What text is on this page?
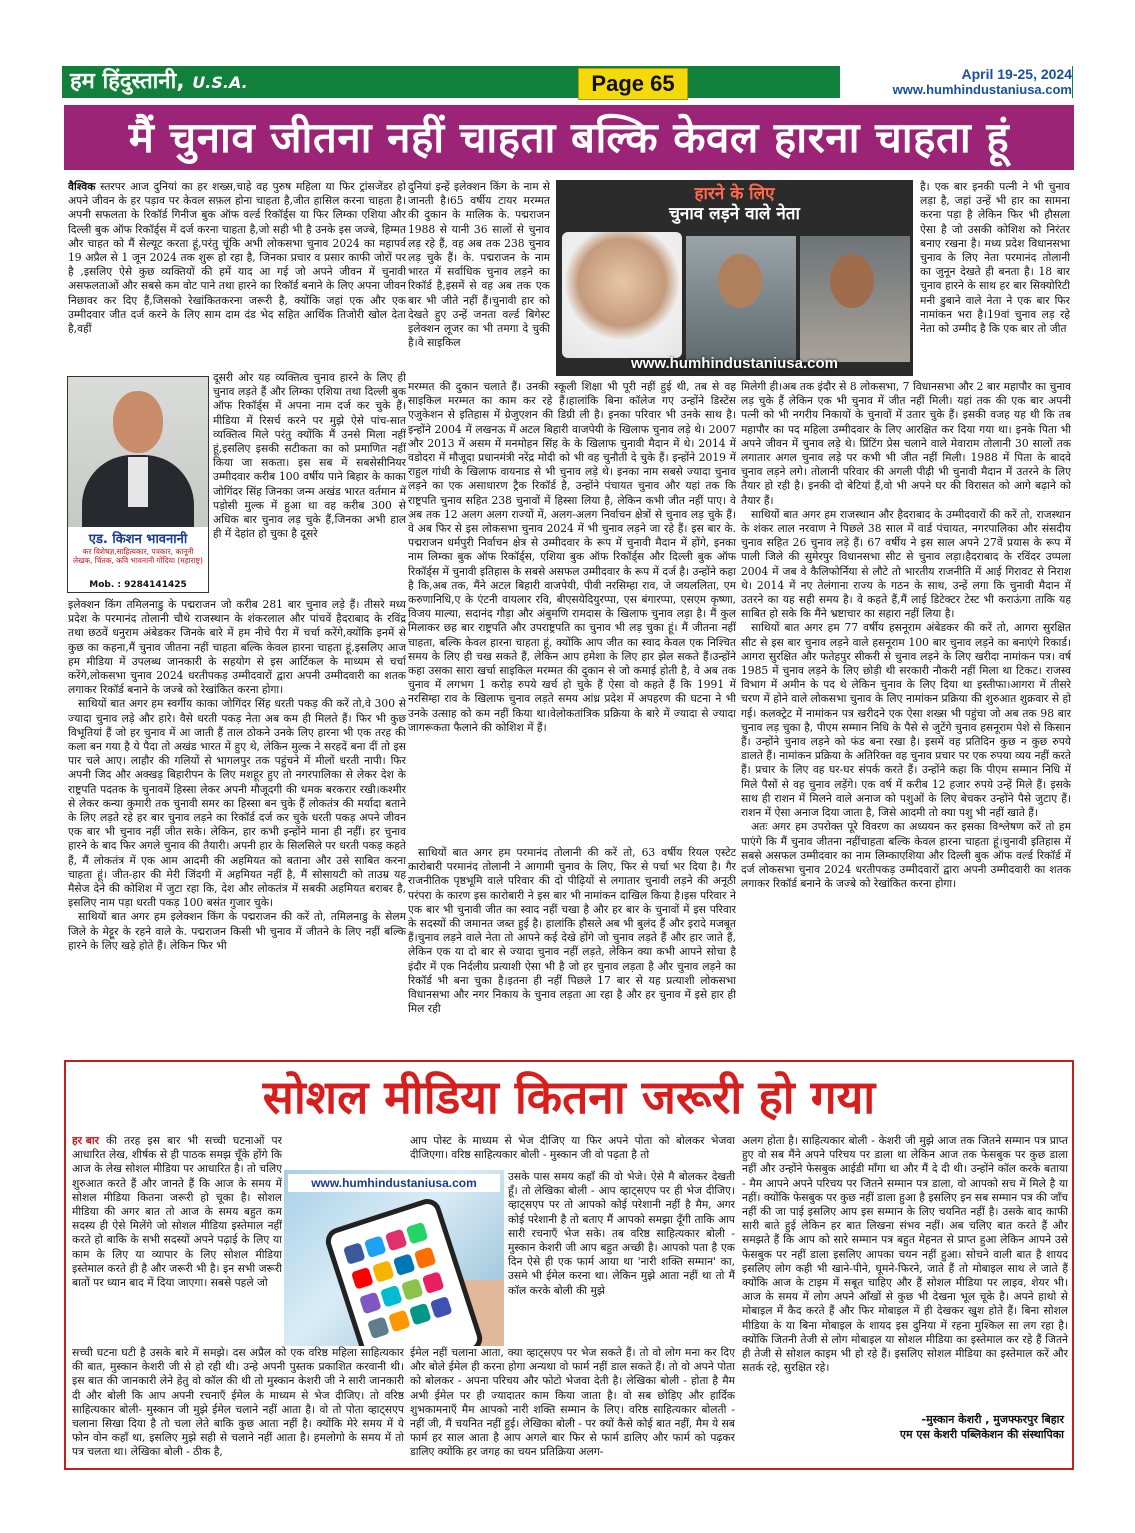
हम हिंदुस्तानी, U.S.A.	Page 65	April 19-25, 2024
www.humhindustaniusa.com
मैं चुनाव जीतना नहीं चाहता बल्कि केवल हारना चाहता हूं

वैश्विक स्तरपर आज दुनियां का हर शख्स,चाहे वह पुरुष महिला या फिर ट्रांसजेंडर हो अपने जीवन के हर पड़ाव पर केवल सफ़ल होना चाहता है,जीत हासिल करना चाहता है।अपनी सफलता के रिकॉर्ड गिनीज बुक ऑफ वर्ल्ड रिकॉर्ड्स या फिर लिम्का एशिया और दिल्ली बुक ऑफ रिकॉर्ड्स में दर्ज करना चाहता है,जो सही भी है उनके इस जज्बे, हिम्मत और चाहत को मैं सेल्यूट करता हूं,परंतु चूंकि अभी लोकसभा चुनाव 2024 का महापर्व 19 अप्रैल से 1 जून 2024 तक शुरू हो रहा है, जिनका प्रचार व प्रसार काफी जोरों पर है ,इसलिए ऐसे कुछ व्यक्तियों की हमें याद आ गई जो अपने जीवन में चुनावी असफलताओं और सबसे कम वोट पाने तथा हारने का रिकॉर्ड बनाने के लिए अपना जीवन निछावर कर दिए हैं,जिसको रेखांकितकरना जरूरी है, क्योंकि जहां एक और एक उम्मीदवार जीत दर्ज करने के लिए साम दाम दंड भेद सहित आर्थिक तिजोरी खोल देता है,वहीं

एड. किशन भावनानी
कर विशेषज्ञ,साहित्यकार, पत्रकार, कानूनी लेखक, चिंतक, कवि भावनानी गोंदिया (महाराष्ट्र)
Mob. : 9284141425

दूसरी ओर यह व्यक्तित्व चुनाव हारने के लिए ही चुनाव लड़ते हैं और लिम्का एशिया तथा दिल्ली बुक ऑफ रिकॉर्ड्स में अपना नाम दर्ज कर चुके हैं। मीडिया में रिसर्च करने पर मुझे ऐसे पांच-सात व्यक्तित्व मिले परंतु क्योंकि मैं उनसे मिला नहीं हूं,इसलिए इसकी सटीकता का को प्रमाणित नहीं किया जा सकता। इस सब में सबसेसीनियर उम्मीदवार करीब 100 वर्षीय पाने बिहार के काका जोगिंदर सिंह जिनका जन्म अखंड भारत वर्तमान में पड़ोसी मुल्क में हुआ था वह करीब 300 से अधिक बार चुनाव लड़ चुके हैं,जिनका अभी हाल ही में देहांत हो चुका है दूसरे

इलेक्शन किंग तमिलनाडु के पद्मराजन जो करीब 281 बार चुनाव लड़े हैं। तीसरे मध्य प्रदेश के परमानंद तोलानी चौथे राजस्थान के शंकरलाल और पांचवें हैदराबाद के रविंद्र तथा छठवें धनुराम अंबेडकर जिनके बारे में हम नीचे पैरा में चर्चा करेंगे,क्योंकि इनमें से कुछ का कहना,मैं चुनाव जीतना नहीं चाहता बल्कि केवल हारना चाहता हूं,इसलिए आज हम मीडिया में उपलब्ध जानकारी के सहयोग से इस आर्टिकल के माध्यम से चर्चा करेंगे,लोकसभा चुनाव 2024 धरतीपकड़ उम्मीदवारों द्वारा अपनी उम्मीदवारी का शतक लगाकर रिकॉर्ड बनाने के जज्बे को रेखांकित करना होगा।

साथियों बात अगर हम स्वर्गीय काका जोगिंदर सिंह धरती पकड़ की करें तो,वे 300 से ज्यादा चुनाव लड़े और हारे। वैसे धरती पकड़ नेता अब कम ही मिलते हैं। फिर भी कुछ विभूतियां हैं जो हर चुनाव में आ जाती हैं ताल ठोकने उनके लिए हारना भी एक तरह की कला बन गया है ये पैदा तो अखंड भारत में हुए थे, लेकिन मुल्क ने सरहदें बना दीं तो इस पार चले आए। लाहौर की गलियों से भागलपुर तक पहुंचने में मीलों धरती नापी। फिर अपनी जिद और अक्खड़ बिहारीपन के लिए मशहूर हुए तो नगरपालिका से लेकर देश के राष्ट्रपति पदतक के चुनावमें हिस्सा लेकर अपनी मौजूदगी की धमक बरकरार रखी।कश्मीर से लेकर कन्या कुमारी तक चुनावी समर का हिस्सा बन चुके हैं लोकतंत्र की मर्यादा बताने के लिए लड़ते रहे हर बार चुनाव लड़ने का रिकॉर्ड दर्ज कर चुके धरती पकड़ अपने जीवन एक बार भी चुनाव नहीं जीत सके। लेकिन, हार कभी इन्होंने माना ही नहीं। हर चुनाव हारने के बाद फिर अगले चुनाव की तैयारी। अपनी हार के सिलसिले पर धरती पकड़ कहते हैं, मैं लोकतंत्र में एक आम आदमी की अहमियत को बताना और उसे साबित करना चाहता हूं। जीत-हार की मेरी जिंदगी में अहमियत नहीं है, मैं सोसायटी को ताउम्र यह मैसेज देने की कोशिश में जुटा रहा कि, देश और लोकतंत्र में सबकी अहमियत बराबर है, इसलिए नाम पड़ा धरती पकड़ 100 बसंत गुजार चुके।

साथियों बात अगर हम इलेक्शन किंग के पद्मराजन की करें तो, तमिलनाडु के सेलम जिले के मेट्टूर के रहने वाले के. पद्मराजन किसी भी चुनाव में जीतने के लिए नहीं बल्कि हारने के लिए खड़े होते हैं। लेकिन फिर भी

दुनियां इन्हें इलेक्शन किंग के नाम से जानती है।65 वर्षीय टायर मरम्मत की दुकान के मालिक के. पद्मराजन 1988 से यानी 36 सालों से चुनाव लड़ रहे हैं, वह अब तक 238 चुनाव लड़ चुके हैं। के. पद्मराजन के नाम भारत में सर्वाधिक चुनाव लड़ने का रिकॉर्ड है,इसमें से वह अब तक एक बार भी जीते नहीं हैं।चुनावी हार को देखते हुए उन्हें जनता वर्ल्ड बिगेस्ट इलेक्शन लूजर का भी तमगा दे चुकी है।वे साइकिल

हारने के लिए
चुनाव लड़ने वाले नेता
www.humhindustaniusa.com

मरम्मत की दुकान चलाते हैं। उनकी स्कूली शिक्षा भी पूरी नहीं हुई थी, तब से वह साइकिल मरम्मत का काम कर रहे हैं।हालांकि बिना कॉलेज गए उन्होंने डिस्टेंस एजुकेशन से इतिहास में ग्रेजुएशन की डिग्री ली है। इनका परिवार भी उनके साथ है। इन्होंने 2004 में लखनऊ में अटल बिहारी वाजपेयी के खिलाफ चुनाव लड़े थे। 2007 और 2013 में असम में मनमोहन सिंह के के खिलाफ चुनावी मैदान में थे। 2014 में वडोदरा में मौजूदा प्रधानमंत्री नरेंद्र मोदी को भी वह चुनौती दे चुके हैं। इन्होंने 2019 में राहुल गांधी के खिलाफ वायनाड से भी चुनाव लड़े थे। इनका नाम सबसे ज्यादा चुनाव लड़ने का एक असाधारण ट्रैक रिकॉर्ड है, उन्होंने पंचायत चुनाव और यहां तक कि राष्ट्रपति चुनाव सहित 238 चुनावों में हिस्सा लिया है, लेकिन कभी जीत नहीं पाए। वे अब तक 12 अलग अलग राज्यों में, अलग-अलग निर्वाचन क्षेत्रों से चुनाव लड़ चुके हैं। वे अब फिर से इस लोकसभा चुनाव 2024 में भी चुनाव लड़ने जा रहे हैं। इस बार के. पद्मराजन धर्मपुरी निर्वाचन क्षेत्र से उम्मीदवार के रूप में चुनावी मैदान में होंगे, इनका नाम लिम्का बुक ऑफ रिकॉर्ड्स, एशिया बुक ऑफ रिकॉर्ड्स और दिल्ली बुक ऑफ रिकॉर्ड्स में चुनावी इतिहास के सबसे असफल उम्मीदवार के रूप में दर्ज है। उन्होंने कहा है कि,अब तक, मैंने अटल बिहारी वाजपेयी, पीवी नरसिम्हा राव, जे जयललिता, एम करुणानिधि,ए के एंटनी वायलार रवि, बीएसयेदियुरप्पा, एस बंगारप्पा, एसएम कृष्णा, विजय माल्या, सदानंद गौड़ा और अंबुमणि रामदास के खिलाफ चुनाव लड़ा है। मैं कुल मिलाकर छह बार राष्ट्रपति और उपराष्ट्रपति का चुनाव भी लड़ चुका हूं। मैं जीतना नहीं चाहता, बल्कि केवल हारना चाहता हूं, क्योंकि आप जीत का स्वाद केवल एक निश्चित समय के लिए ही चख सकते हैं, लेकिन आप हमेशा के लिए हार झेल सकते हैं।उन्होंने कहा उसका सारा खर्चा साइकिल मरम्मत की दुकान से जो कमाई होती है, वे अब तक चुनाव में लगभग 1 करोड़ रुपये खर्च हो चुके हैं ऐसा वो कहते हैं कि 1991 में नरसिम्हा राव के खिलाफ चुनाव लड़ते समय आंध्र प्रदेश में अपहरण की घटना ने भी उनके उत्साह को कम नहीं किया था।वेलोकतांत्रिक प्रक्रिया के बारे में ज्यादा से ज्यादा जागरूकता फैलाने की कोशिश में हैं।

साथियों बात अगर हम परमानंद तोलानी की करें तो, 63 वर्षीय रियल एस्टेट कारोबारी परमानंद तोलानी ने आगामी चुनाव के लिए, फिर से पर्चा भर दिया है। गैर राजनीतिक पृष्ठभूमि वाले परिवार की दो पीढ़ियों से लगातार चुनावी लड़ने की अनूठी परंपरा के कारण इस कारोबारी ने इस बार भी नामांकन दाखिल किया है।इस परिवार ने एक बार भी चुनावी जीत का स्वाद नहीं चखा है और हर बार के चुनावों में इस परिवार के सदस्यों की जमानत जब्त हुई है। हालांकि हौसले अब भी बुलंद हैं और इरादे मजबूत हैं।चुनाव लड़ने वाले नेता तो आपने कई देखे होंगे जो चुनाव लड़ते हैं और हार जाते हैं, लेकिन एक या दो बार से ज्यादा चुनाव नहीं लड़ते, लेकिन क्या कभी आपने सोचा है इंदौर में एक निर्दलीय प्रत्याशी ऐसा भी है जो हर चुनाव लड़ता है और चुनाव लड़ने का रिकॉर्ड भी बना चुका है।इतना ही नहीं पिछले 17 बार से यह प्रत्याशी लोकसभा विधानसभा और नगर निकाय के चुनाव लड़ता आ रहा है और हर चुनाव में इसे हार ही मिल रही

है। एक बार इनकी पत्नी ने भी चुनाव लड़ा है, जहां उन्हें भी हार का सामना करना पड़ा है लेकिन फिर भी हौसला ऐसा है जो उसकी कोशिश को निरंतर बनाए रखना है। मध्य प्रदेश विधानसभा चुनाव के लिए नेता परमानंद तोलानी का जुनून देखते ही बनता है। 18 बार चुनाव हारने के साथ हर बार सिक्योरिटी मनी डुबाने वाले नेता ने एक बार फिर नामांकन भरा है।19वां चुनाव लड़ रहे नेता को उम्मीद है कि एक बार तो जीत

मिलेगी ही।अब तक इंदौर से 8 लोकसभा, 7 विधानसभा और 2 बार महापौर का चुनाव लड़ चुके हैं लेकिन एक भी चुनाव में जीत नहीं मिली। यहां तक की एक बार अपनी पत्नी को भी नगरीय निकायों के चुनावों में उतार चुके हैं। इसकी वजह यह थी कि तब महापौर का पद महिला उम्मीदवार के लिए आरक्षित कर दिया गया था। इनके पिता भी अपने जीवन में चुनाव लड़े थे। प्रिंटिंग प्रेस चलाने वाले मेवाराम तोलानी 30 सालों तक लगातार अगल चुनाव लड़े पर कभी भी जीत नहीं मिली। 1988 में पिता के बादवे चुनाव लड़ने लगे। तोलानी परिवार की अगली पीढ़ी भी चुनावी मैदान में उतरने के लिए तैयार हो रही है। इनकी दो बेटियां हैं,वो भी अपने घर की विरासत को आगे बढ़ाने को तैयार हैं।

साथियों बात अगर हम राजस्थान और हैदराबाद के उम्मीदवारों की करें तो, राजस्थान के शंकर लाल नरवाण ने पिछले 38 साल में वार्ड पंचायत, नगरपालिका और संसदीय चुनाव सहित 26 चुनाव लड़े हैं। 67 वर्षीय ने इस साल अपने 27वें प्रयास के रूप में पाली जिले की सुमेरपुर विधानसभा सीट से चुनाव लड़ा।हैदराबाद के रविंदर उप्पला 2004 में जब वे कैलिफोर्निया से लौटे तो भारतीय राजनीति में आई गिरावट से निराश थे। 2014 में नए तेलंगाना राज्य के गठन के साथ, उन्हें लगा कि चुनावी मैदान में उतरने का यह सही समय है। वे कहते हैं,मैं लाई डिटेक्टर टेस्ट भी कराऊंगा ताकि यह साबित हो सके कि मैंने भ्रष्टाचार का सहारा नहीं लिया है।

साथियों बात अगर हम 77 वर्षीय हसनूराम अंबेडकर की करें तो, आगरा सुरक्षित सीट से इस बार चुनाव लड़ने वाले हसनूराम 100 बार चुनाव लड़ने का बनाएंगे रिकार्ड। आगरा सुरक्षित और फतेहपुर सीकरी से चुनाव लड़ने के लिए खरीदा नामांकन पत्र। वर्ष 1985 में चुनाव लड़ने के लिए छोड़ी थी सरकारी नौकरी नहीं मिला था टिकट। राजस्व विभाग में अमीन के पद थे लेकिन चुनाव के लिए दिया था इस्तीफा।आगरा में तीसरे चरण में होने वाले लोकसभा चुनाव के लिए नामांकन प्रक्रिया की शुरुआत शुक्रवार से हो गई। कलक्ट्रेट में नामांकन पत्र खरीदने एक ऐसा शख्स भी पहुंचा जो अब तक 98 बार चुनाव लड़ चुका है, पीएम सम्मान निधि के पैसे से जुटेंगे चुनाव हसनूराम पेशे से किसान हैं। उन्होंने चुनाव लड़ने को फंड बना रखा है। इसमें वह प्रतिदिन कुछ न कुछ रुपये डालते हैं। नामांकन प्रक्रिया के अतिरिक्त वह चुनाव प्रचार पर एक रुपया व्यय नहीं करते हैं। प्रचार के लिए वह घर-घर संपर्क करते हैं। उन्होंने कहा कि पीएम सम्मान निधि में मिले पैसों से वह चुनाव लड़ेंगे। एक वर्ष में करीब 12 हजार रुपये उन्हें मिले हैं। इसके साथ ही राशन में मिलने वाले अनाज को पशुओं के लिए बेचकर उन्होंने पैसे जुटाए हैं। राशन में ऐसा अनाज दिया जाता है, जिसे आदमी तो क्या पशु भी नहीं खाते हैं।

अतः अगर हम उपरोक्त पूरे विवरण का अध्ययन कर इसका विश्लेषण करें तो हम पाएंगे कि मैं चुनाव जीतना नहींचाहता बल्कि केवल हारना चाहता हूं।चुनावी इतिहास में सबसे असफल उम्मीदवार का नाम लिम्काएशिया और दिल्ली बुक ऑफ वर्ल्ड रिकॉर्ड में दर्ज लोकसभा चुनाव 2024 धरतीपकड़ उम्मीदवारों द्वारा अपनी उम्मीदवारी का शतक लगाकर रिकॉर्ड बनाने के जज्बे को रेखांकित करना होगा।

सोशल मीडिया कितना जरूरी हो गया

हर बार की तरह इस बार भी सच्ची घटनाओं पर आधारित लेख, शीर्षक से ही पाठक समझ चूँके होंगे कि आज के लेख सोशल मीडिया पर आधारित है। तो चलिए शुरुआत करते हैं और जानते हैं कि आज के समय में सोशल मीडिया कितना जरूरी हो चूका है। सोशल मीडिया की अगर बात तो आज के समय बहुत कम सदस्य ही ऐसे मिलेंगे जो सोशल मीडिया इस्तेमाल नहीं करते हो बाकि के सभी सदस्यों अपने पढ़ाई के लिए या काम के लिए या व्यापार के लिए सोशल मीडिया इस्तेमाल करते ही है और जरूरी भी है। इन सभी जरूरी बातों पर ध्यान बाद में दिया जाएगा। सबसे पहले जो

www.humhindustaniusa.com

सच्ची घटना घटी है उसके बारे में समझे। दस अप्रैल को एक वरिष्ठ महिला साहित्यकार की बात, मुस्कान केशरी जी से हो रही थी। उन्हे अपनी पुस्तक प्रकाशित करवानी थी। इस बात की जानकारी लेने हेतु वो कॉल की थी तो मुस्कान केशरी जी ने सारी जानकारी दी और बोली कि आप अपनी रचनाएँ ईमेल के माध्यम से भेज दीजिए। तो वरिष्ठ साहित्यकार बोली- मुस्कान जी मुझे ईमेल चलाने नहीं आता है। वो तो पोता व्हाट्सएप चलाना सिखा दिया है तो चला लेते बाकि कुछ आता नहीं है। क्योंकि मेरे समय में ये फोन वोन कहाँ था, इसलिए मुझे सही से चलाने नहीं आता है। हमलोगो के समय में तो पत्र चलता था। लेखिका बोली - ठीक है,

आप पोस्ट के माध्यम से भेज दीजिए या फिर अपने पोता को बोलकर भेजवा दीजिएगा। वरिष्ठ साहित्यकार बोली - मुस्कान जी वो पढ़ता है तो

उसके पास समय कहाँ की वो भेजे। ऐसे मै बोलकर देखती हूँ। तो लेखिका बोली - आप व्हाट्सएप पर ही भेज दीजिए। व्हाट्सएप पर तो आपको कोई परेशानी नहीं है मैम, अगर कोई परेशानी है तो बताए मैं आपको समझा दूँगी ताकि आप सारी रचनाएँ भेज सके। तब वरिष्ठ साहित्यकार बोली - मुस्कान केशरी जी आप बहुत अच्छी है। आपको पता है एक दिन ऐसे ही एक फार्म आया था 'नारी शक्ति सम्मान' का, उसमे भी ईमेल करना था। लेकिन मुझे आता नहीं था तो मैं कॉल करके बोली की मुझे

ईमेल नहीं चलाना आता, क्या व्हाट्सएप पर भेज सकते हैं। तो वो लोग मना कर दिए और बोले ईमेल ही करना होगा अन्यथा वो फार्म नहीं डाल सकते हैं। तो वो अपने पोता को बोलकर - अपना परिचय और फोटो भेजवा देती है। लेखिका बोली - होता है मैम अभी ईमेल पर ही ज्यादातर काम किया जाता है। वो सब छोड़िए और हार्दिक शुभकामनाएँ मैम आपको नारी शक्ति सम्मान के लिए। वरिष्ठ साहित्यकार बोलती - नहीं जी, मैं चयनित नहीं हुई। लेखिका बोली - पर क्यों कैसे कोई बात नहीं, मैम ये सब फार्म हर साल आता है आप अगले बार फिर से फार्म डालिए और फार्म को पढ़कर डालिए क्योंकि हर जगह का चयन प्रतिक्रिया अलग-

अलग होता है। साहित्यकार बोली - केशरी जी मुझे आज तक जितने सम्मान पत्र प्राप्त हुए वो सब मैंने अपने परिचय पर डाला था लेकिन आज तक फेसबुक पर कुछ डाला नहीं और उन्होंने फेसबुक आईडी माँगा था और मैं दे दी थी। उन्होंने कॉल करके बताया - मैम आपने अपने परिचय पर जितने सम्मान पत्र डाला, वो आपको सच में मिले है या नहीं। क्योंकि फेसबुक पर कुछ नहीं डाला हुआ है इसलिए इन सब सम्मान पत्र की जाँच नहीं की जा पाई इसलिए आप इस सम्मान के लिए चयनित नहीं है। उसके बाद काफी सारी बाते हुई लेकिन हर बात लिखना संभव नहीं। अब चलिए बात करते हैं और समझते हैं कि आप को सारे सम्मान पत्र बहुत मेहनत से प्राप्त हुआ लेकिन आपने उसे फेसबुक पर नहीं डाला इसलिए आपका चयन नहीं हुआ। सोचने वाली बात है शायद इसलिए लोग कही भी खाने-पीने, घूमने-फिरने, जाते हैं तो मोबाइल साथ ले जाते हैं क्योंकि आज के टाइम में सबूत चाहिए और हैं सोशल मीडिया पर लाइव, शेयर भी। आज के समय में लोग अपने आँखों से कुछ भी देखना भूल चूके है। अपने हाथो से मोबाइल में कैद करते हैं और फिर मोबाइल में ही देखकर खुश होते हैं। बिना सोशल मीडिया के या बिना मोबाइल के शायद इस दुनिया में रहना मुश्किल सा लग रहा है। क्योंकि जितनी तेजी से लोग मोबाइल या सोशल मीडिया का इस्तेमाल कर रहे हैं जितने ही तेजी से सोशल काइम भी हो रहे हैं। इसलिए सोशल मीडिया का इस्तेमाल करें और सतर्क रहे, सुरक्षित रहे।

-मुस्कान केशरी , मुजफ्फरपुर बिहार
एम एस केशरी पब्लिकेशन की संस्थापिका
